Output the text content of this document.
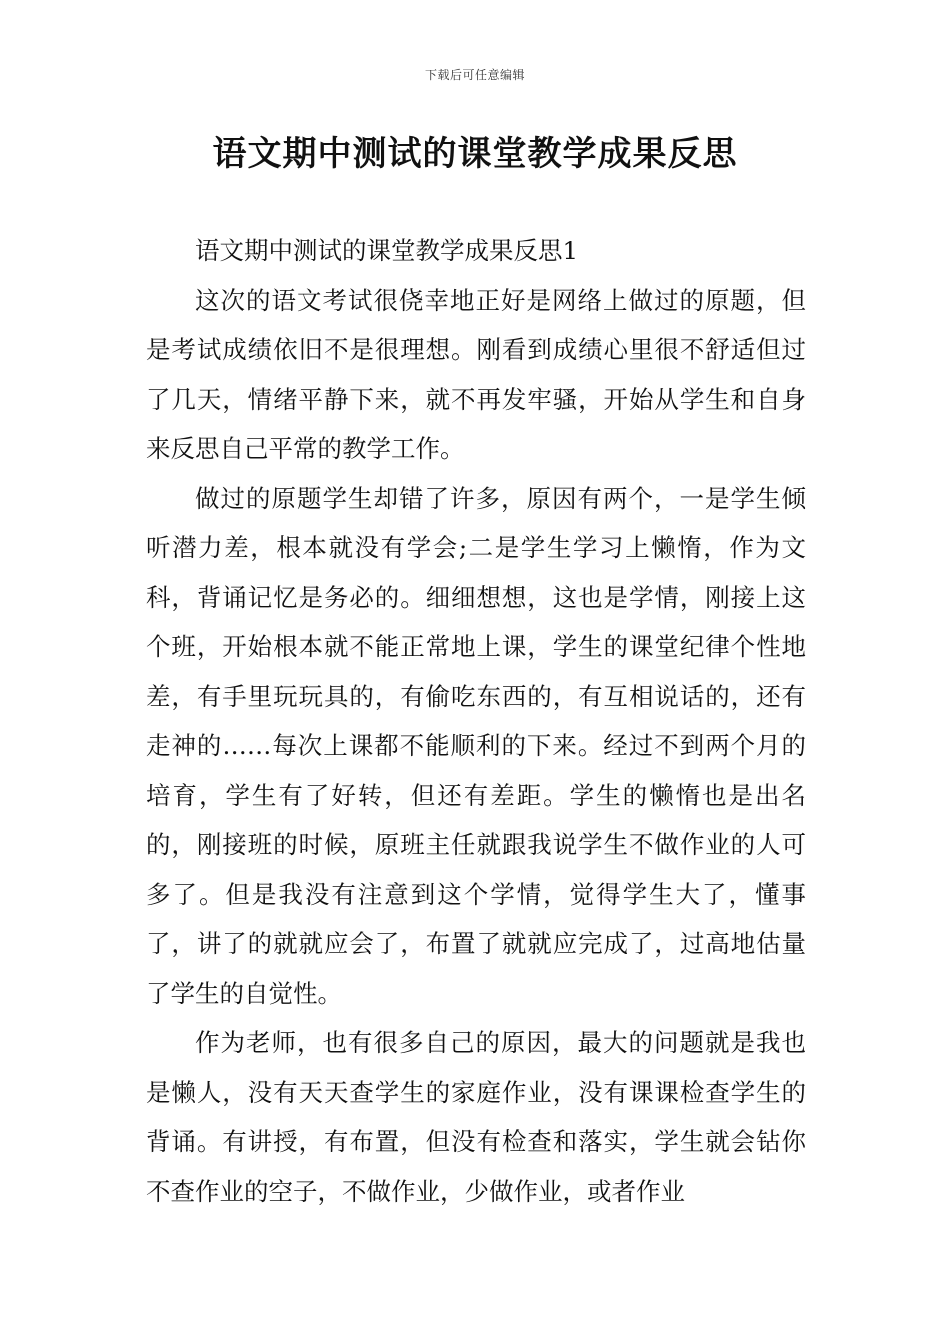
下载后可任意编辑
语文期中测试的课堂教学成果反思

语文期中测试的课堂教学成果反思1

这次的语文考试很侥幸地正好是网络上做过的原题，但是考试成绩依旧不是很理想。刚看到成绩心里很不舒适但过了几天，情绪平静下来，就不再发牢骚，开始从学生和自身来反思自己平常的教学工作。

做过的原题学生却错了许多，原因有两个，一是学生倾听潜力差，根本就没有学会;二是学生学习上懒惰，作为文科，背诵记忆是务必的。细细想想，这也是学情，刚接上这个班，开始根本就不能正常地上课，学生的课堂纪律个性地差，有手里玩玩具的，有偷吃东西的，有互相说话的，还有走神的……每次上课都不能顺利的下来。经过不到两个月的培育，学生有了好转，但还有差距。学生的懒惰也是出名的，刚接班的时候，原班主任就跟我说学生不做作业的人可多了。但是我没有注意到这个学情，觉得学生大了，懂事了，讲了的就就应会了，布置了就就应完成了，过高地估量了学生的自觉性。

作为老师，也有很多自己的原因，最大的问题就是我也是懒人，没有天天查学生的家庭作业，没有课课检查学生的背诵。有讲授，有布置，但没有检查和落实，学生就会钻你不查作业的空子，不做作业，少做作业，或者作业
